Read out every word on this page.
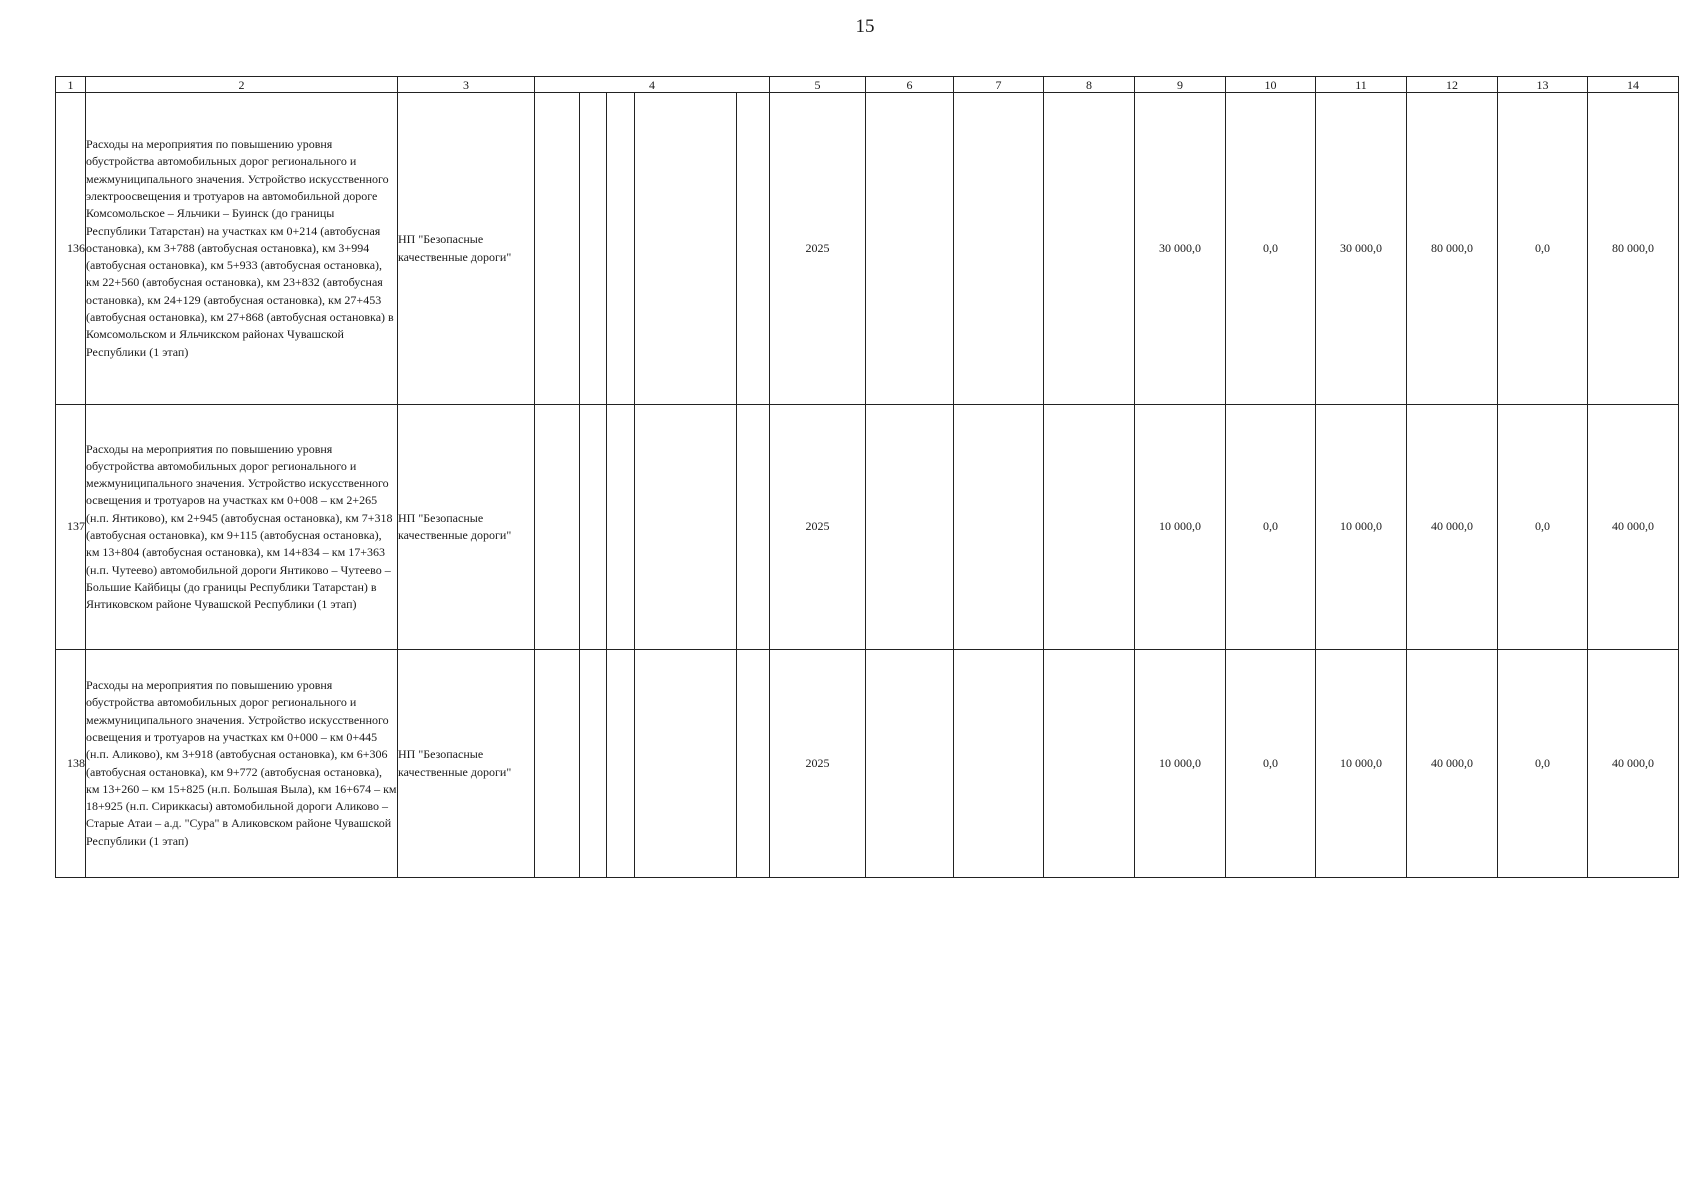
15
1	2	3	4					5	6	7	8	9	10	11	12	13	14
136	Расходы на мероприятия по повышению уровня обустройства автомобильных дорог регионального и межмуниципального значения. Устройство искусственного электроосвещения и тротуаров на автомобильной дороге Комсомольское – Яльчики – Буинск (до границы Республики Татарстан) на участках км 0+214 (автобусная остановка), км 3+788 (автобусная остановка), км 3+994 (автобусная остановка), км 5+933 (автобусная остановка), км 22+560 (автобусная остановка), км 23+832 (автобусная остановка), км 24+129 (автобусная остановка), км 27+453 (автобусная остановка), км 27+868 (автобусная остановка) в Комсомольском и Яльчикском районах Чувашской Республики (1 этап)	НП "Безопасные качественные дороги"						2025				30 000,0	0,0	30 000,0	80 000,0	0,0	80 000,0
137	Расходы на мероприятия по повышению уровня обустройства автомобильных дорог регионального и межмуниципального значения. Устройство искусственного освещения и тротуаров на участках км 0+008 – км 2+265 (н.п. Янтиково), км 2+945 (автобусная остановка), км 7+318 (автобусная остановка), км 9+115 (автобусная остановка), км 13+804 (автобусная остановка), км 14+834 – км 17+363 (н.п. Чутеево) автомобильной дороги Янтиково – Чутеево – Большие Кайбицы (до границы Республики Татарстан) в Янтиковском районе Чувашской Республики (1 этап)	НП "Безопасные качественные дороги"						2025				10 000,0	0,0	10 000,0	40 000,0	0,0	40 000,0
138	Расходы на мероприятия по повышению уровня обустройства автомобильных дорог регионального и межмуниципального значения. Устройство искусственного освещения и тротуаров на участках км 0+000 – км 0+445 (н.п. Аликово), км 3+918 (автобусная остановка), км 6+306 (автобусная остановка), км 9+772 (автобусная остановка), км 13+260 – км 15+825 (н.п. Большая Выла), км 16+674 – км 18+925 (н.п. Сириккасы) автомобильной дороги Аликово – Старые Атаи – а.д. "Сура" в Аликовском районе Чувашской Республики (1 этап)	НП "Безопасные качественные дороги"						2025				10 000,0	0,0	10 000,0	40 000,0	0,0	40 000,0
